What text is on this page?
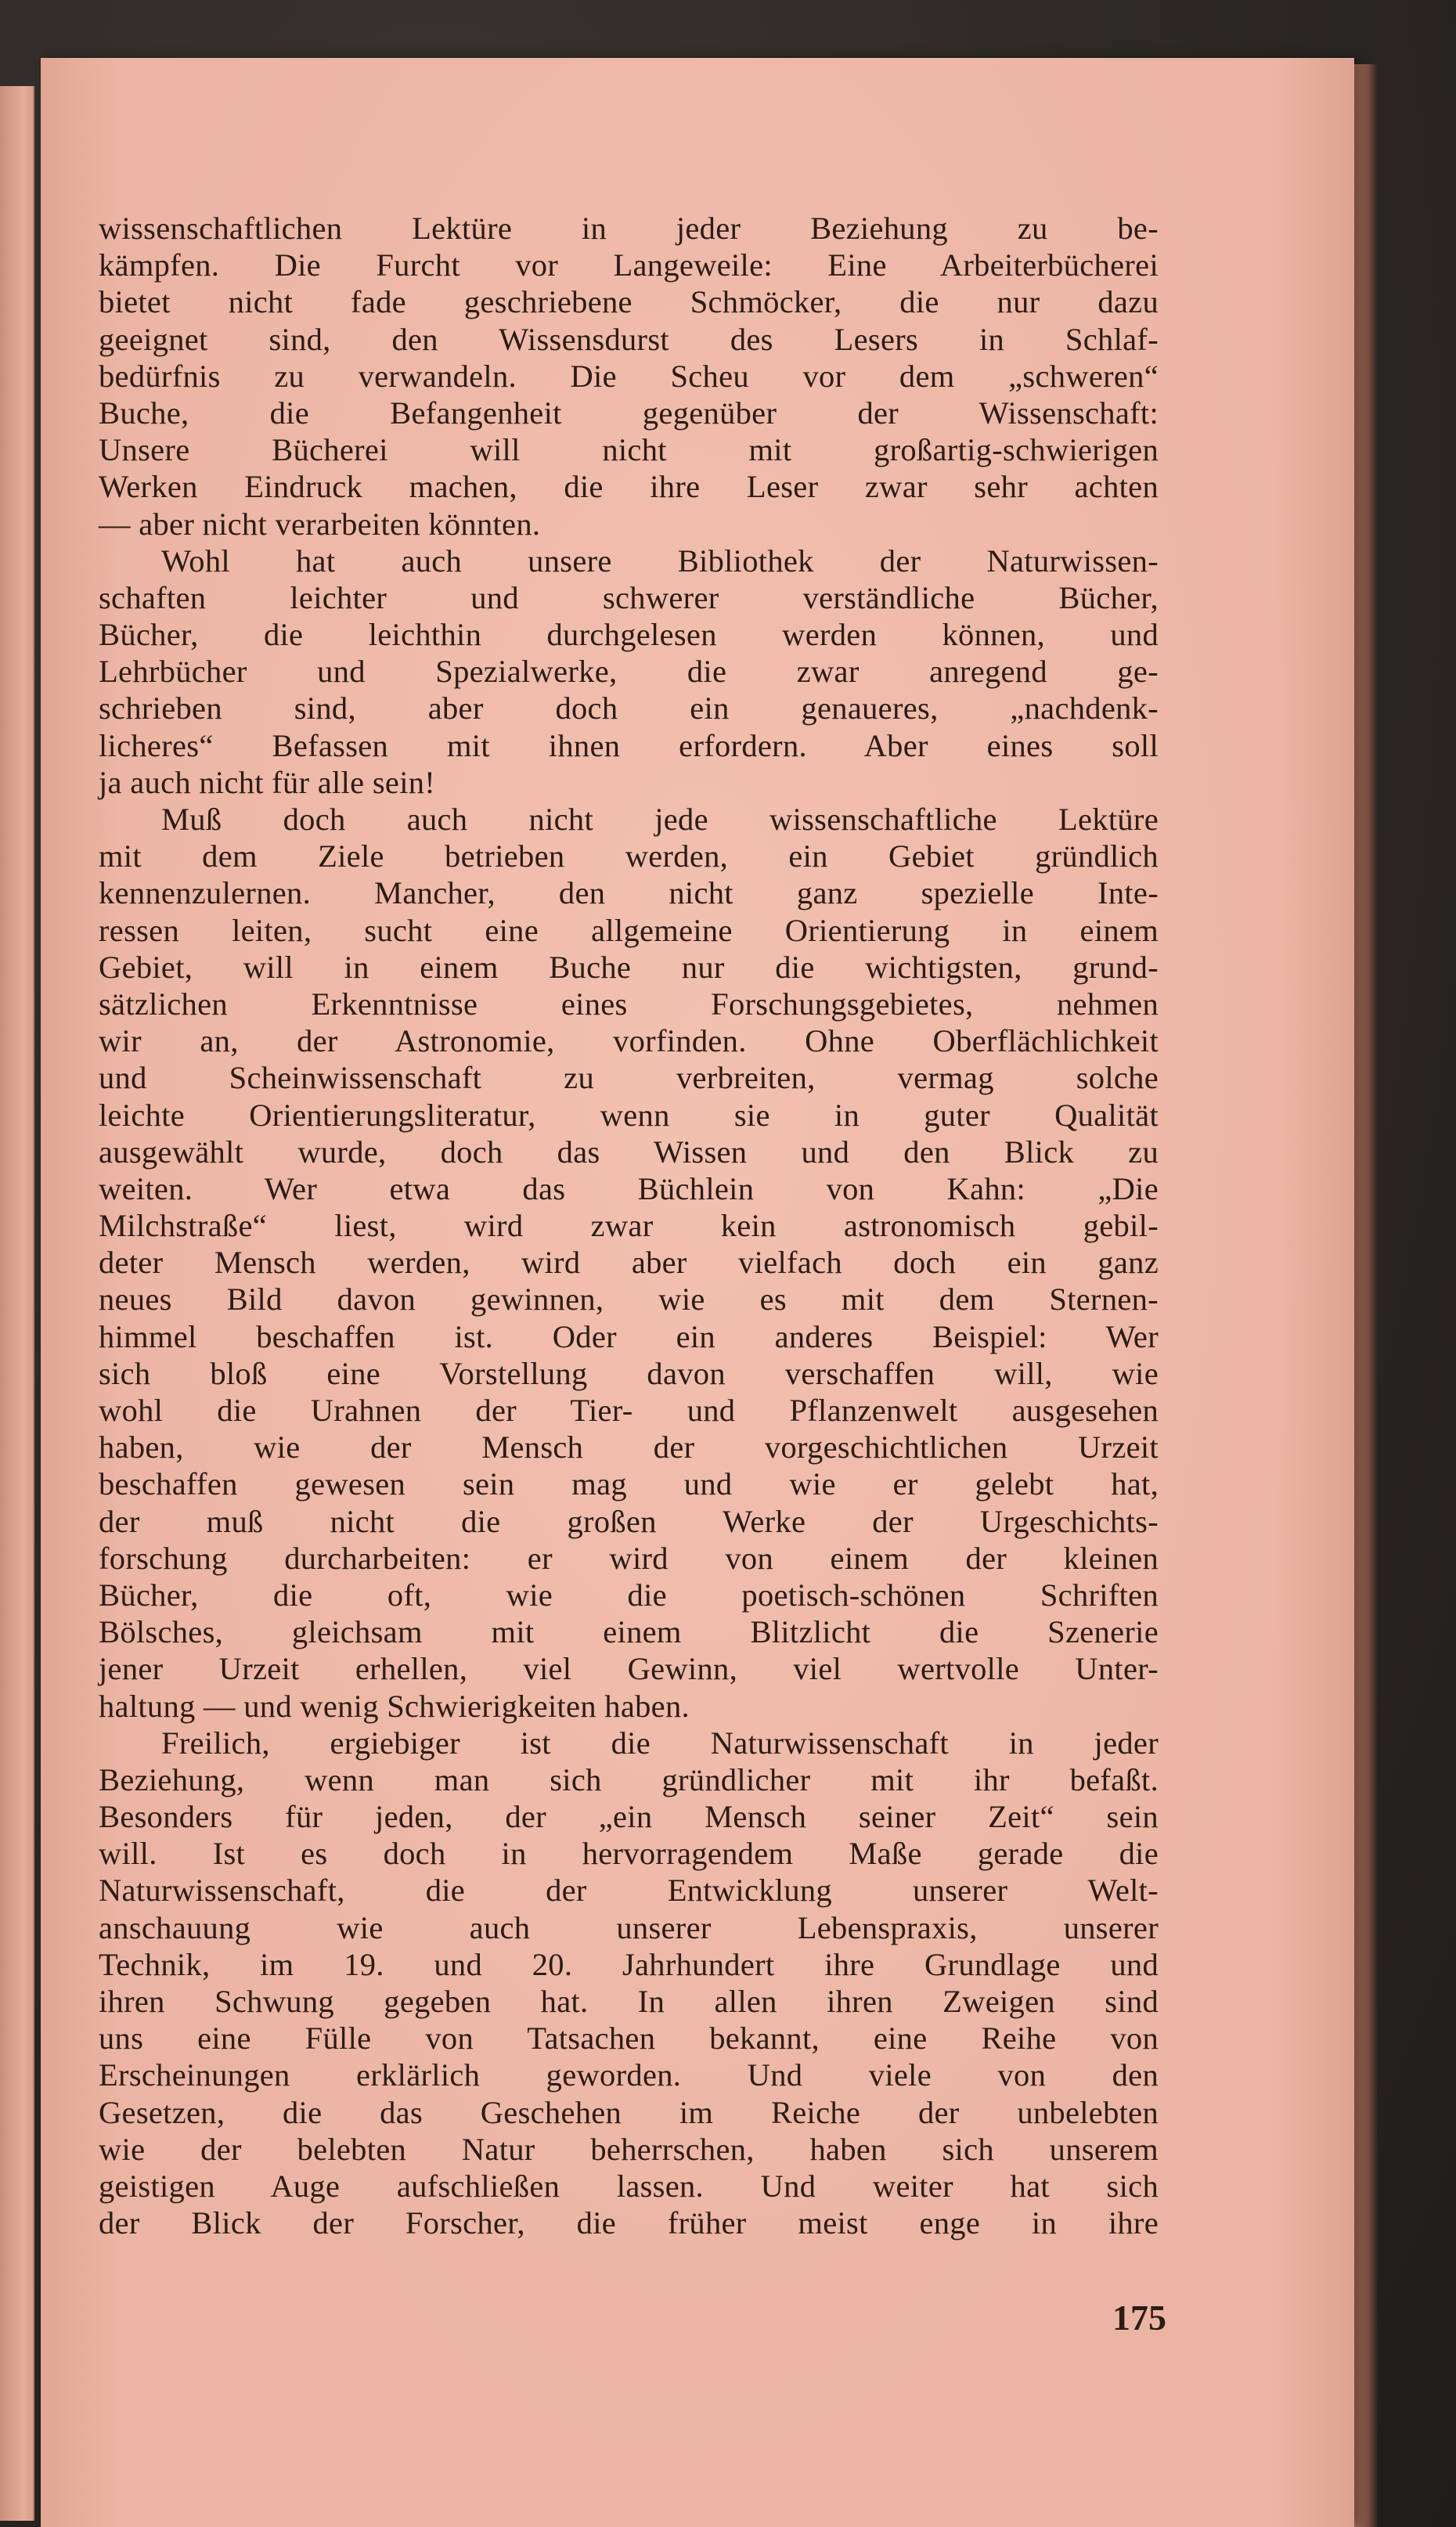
wissenschaftlichen Lektüre in jeder Beziehung zu be-
kämpfen. Die Furcht vor Langeweile: Eine Arbeiterbücherei
bietet nicht fade geschriebene Schmöcker, die nur dazu
geeignet sind, den Wissensdurst des Lesers in Schlaf-
bedürfnis zu verwandeln. Die Scheu vor dem „schweren“
Buche, die Befangenheit gegenüber der Wissenschaft:
Unsere Bücherei will nicht mit großartig-schwierigen
Werken Eindruck machen, die ihre Leser zwar sehr achten
— aber nicht verarbeiten könnten.
Wohl hat auch unsere Bibliothek der Naturwissen-
schaften leichter und schwerer verständliche Bücher,
Bücher, die leichthin durchgelesen werden können, und
Lehrbücher und Spezialwerke, die zwar anregend ge-
schrieben sind, aber doch ein genaueres, „nachdenk-
licheres“ Befassen mit ihnen erfordern. Aber eines soll
ja auch nicht für alle sein!
Muß doch auch nicht jede wissenschaftliche Lektüre
mit dem Ziele betrieben werden, ein Gebiet gründlich
kennenzulernen. Mancher, den nicht ganz spezielle Inte-
ressen leiten, sucht eine allgemeine Orientierung in einem
Gebiet, will in einem Buche nur die wichtigsten, grund-
sätzlichen Erkenntnisse eines Forschungsgebietes, nehmen
wir an, der Astronomie, vorfinden. Ohne Oberflächlichkeit
und Scheinwissenschaft zu verbreiten, vermag solche
leichte Orientierungsliteratur, wenn sie in guter Qualität
ausgewählt wurde, doch das Wissen und den Blick zu
weiten. Wer etwa das Büchlein von Kahn: „Die
Milchstraße“ liest, wird zwar kein astronomisch gebil-
deter Mensch werden, wird aber vielfach doch ein ganz
neues Bild davon gewinnen, wie es mit dem Sternen-
himmel beschaffen ist. Oder ein anderes Beispiel: Wer
sich bloß eine Vorstellung davon verschaffen will, wie
wohl die Urahnen der Tier- und Pflanzenwelt ausgesehen
haben, wie der Mensch der vorgeschichtlichen Urzeit
beschaffen gewesen sein mag und wie er gelebt hat,
der muß nicht die großen Werke der Urgeschichts-
forschung durcharbeiten: er wird von einem der kleinen
Bücher, die oft, wie die poetisch-schönen Schriften
Bölsches, gleichsam mit einem Blitzlicht die Szenerie
jener Urzeit erhellen, viel Gewinn, viel wertvolle Unter-
haltung — und wenig Schwierigkeiten haben.
Freilich, ergiebiger ist die Naturwissenschaft in jeder
Beziehung, wenn man sich gründlicher mit ihr befaßt.
Besonders für jeden, der „ein Mensch seiner Zeit“ sein
will. Ist es doch in hervorragendem Maße gerade die
Naturwissenschaft, die der Entwicklung unserer Welt-
anschauung wie auch unserer Lebenspraxis, unserer
Technik, im 19. und 20. Jahrhundert ihre Grundlage und
ihren Schwung gegeben hat. In allen ihren Zweigen sind
uns eine Fülle von Tatsachen bekannt, eine Reihe von
Erscheinungen erklärlich geworden. Und viele von den
Gesetzen, die das Geschehen im Reiche der unbelebten
wie der belebten Natur beherrschen, haben sich unserem
geistigen Auge aufschließen lassen. Und weiter hat sich
der Blick der Forscher, die früher meist enge in ihre
175
